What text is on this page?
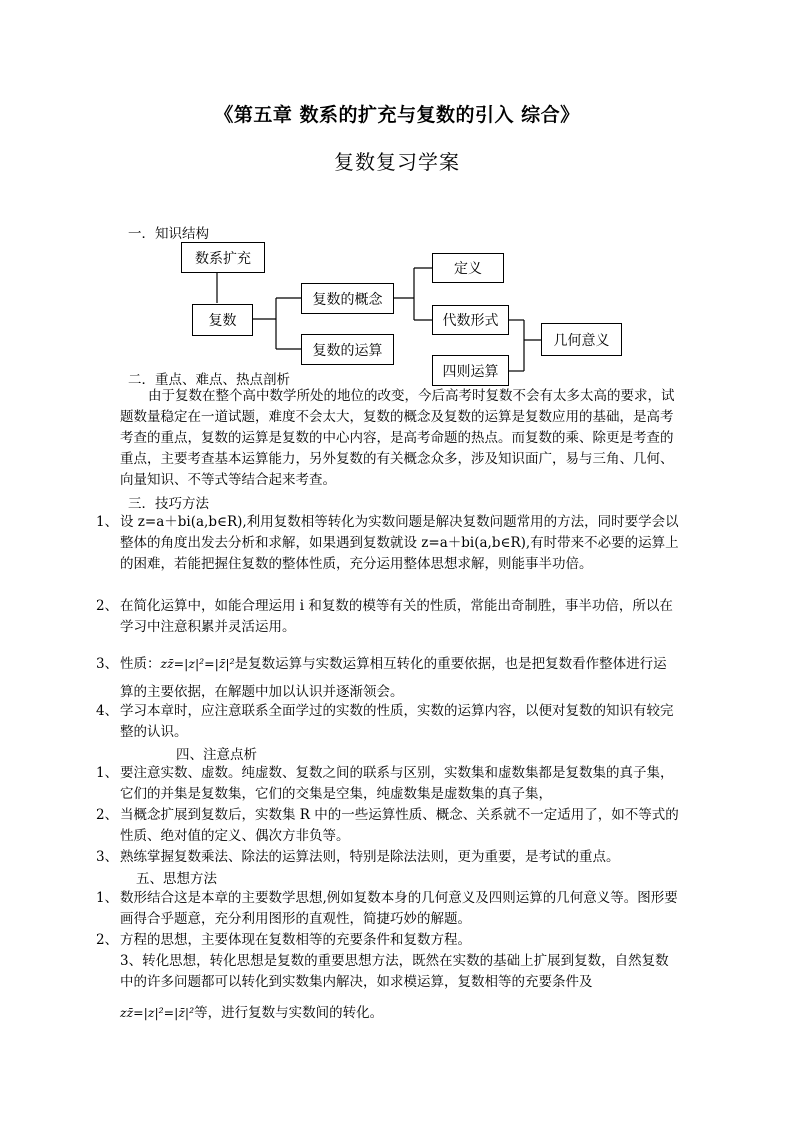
《第五章 数系的扩充与复数的引入 综合》
复数复习学案
一．知识结构
数系扩充
复数
复数的概念
复数的运算
定义
代数形式
几何意义
四则运算
二．重点、难点、热点剖析
由于复数在整个高中数学所处的地位的改变，今后高考时复数不会有太多太高的要求，试题数量稳定在一道试题，难度不会太大，复数的概念及复数的运算是复数应用的基础，是高考考查的重点，复数的运算是复数的中心内容，是高考命题的热点。而复数的乘、除更是考查的重点，主要考查基本运算能力，另外复数的有关概念众多，涉及知识面广，易与三角、几何、向量知识、不等式等结合起来考查。
三．技巧方法
1、 设 z=a＋bi(a,b∈R),利用复数相等转化为实数问题是解决复数问题常用的方法，同时要学会以整体的角度出发去分析和求解，如果遇到复数就设 z=a＋bi(a,b∈R),有时带来不必要的运算上的困难，若能把握住复数的整体性质，充分运用整体思想求解，则能事半功倍。
2、 在简化运算中，如能合理运用 i 和复数的模等有关的性质，常能出奇制胜，事半功倍，所以在学习中注意积累并灵活运用。
3、 性质：zz̄=|z|²=|z̄|²是复数运算与实数运算相互转化的重要依据，也是把复数看作整体进行运算的主要依据，在解题中加以认识并逐渐领会。
4、 学习本章时，应注意联系全面学过的实数的性质，实数的运算内容，以便对复数的知识有较完整的认识。
四、注意点析
1、 要注意实数、虚数。纯虚数、复数之间的联系与区别，实数集和虚数集都是复数集的真子集，它们的并集是复数集，它们的交集是空集，纯虚数集是虚数集的真子集，
2、 当概念扩展到复数后，实数集 R 中的一些运算性质、概念、关系就不一定适用了，如不等式的性质、绝对值的定义、偶次方非负等。
3、 熟练掌握复数乘法、除法的运算法则，特别是除法法则，更为重要，是考试的重点。
五、思想方法
1、 数形结合这是本章的主要数学思想,例如复数本身的几何意义及四则运算的几何意义等。图形要画得合乎题意，充分利用图形的直观性，简捷巧妙的解题。
2、 方程的思想，主要体现在复数相等的充要条件和复数方程。
3、转化思想，转化思想是复数的重要思想方法，既然在实数的基础上扩展到复数，自然复数中的许多问题都可以转化到实数集内解决，如求模运算，复数相等的充要条件及
zz̄=|z|²=|z̄|²等，进行复数与实数间的转化。
